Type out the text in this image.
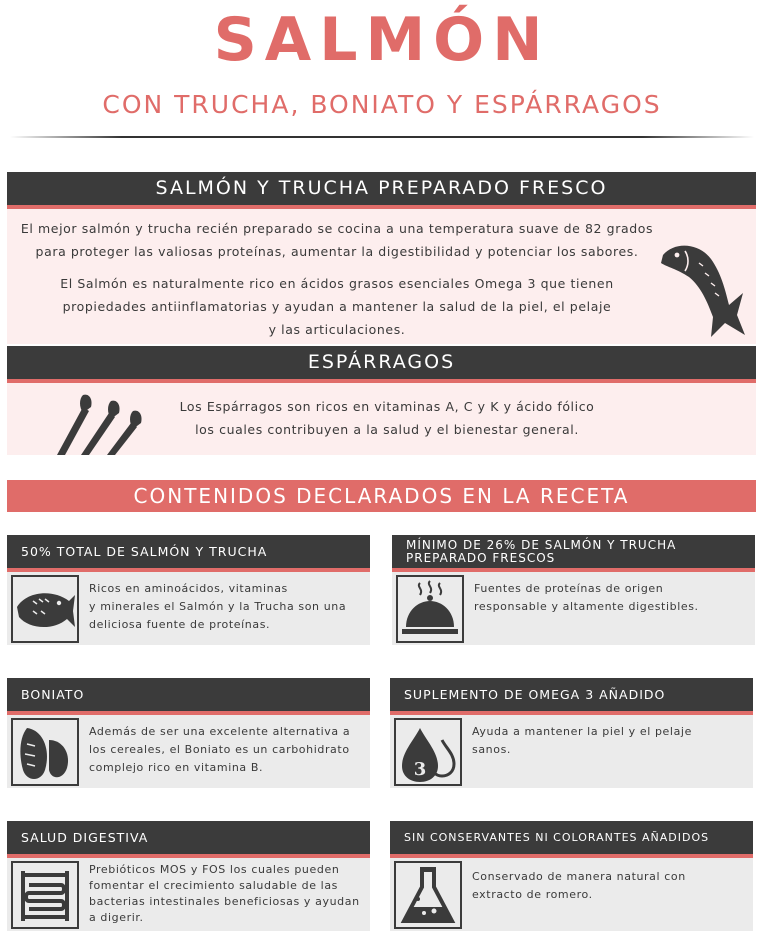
SALMÓN
CON TRUCHA, BONIATO Y ESPÁRRAGOS
SALMÓN Y TRUCHA PREPARADO FRESCO
El mejor salmón y trucha recién preparado se cocina a una temperatura suave de 82 grados
para proteger las valiosas proteínas, aumentar la digestibilidad y potenciar los sabores.
El Salmón es naturalmente rico en ácidos grasos esenciales Omega 3 que tienen
propiedades antiinflamatorias y ayudan a mantener la salud de la piel, el pelaje
y las articulaciones.
ESPÁRRAGOS
Los Espárragos son ricos en vitaminas A, C y K y ácido fólico
los cuales contribuyen a la salud y el bienestar general.
CONTENIDOS DECLARADOS EN LA RECETA
50% TOTAL DE SALMÓN Y TRUCHA
Ricos en aminoácidos, vitaminas
y minerales el Salmón y la Trucha son una
deliciosa fuente de proteínas.
MÍNIMO DE 26% DE SALMÓN Y TRUCHA
PREPARADO FRESCOS
Fuentes de proteínas de origen
responsable y altamente digestibles.
BONIATO
Además de ser una excelente alternativa a
los cereales, el Boniato es un carbohidrato
complejo rico en vitamina B.
SUPLEMENTO DE OMEGA 3 AÑADIDO
3
Ayuda a mantener la piel y el pelaje
sanos.
SALUD DIGESTIVA
Prebióticos MOS y FOS los cuales pueden
fomentar el crecimiento saludable de las
bacterias intestinales beneficiosas y ayudan
a digerir.
SIN CONSERVANTES NI COLORANTES AÑADIDOS
Conservado de manera natural con
extracto de romero.
